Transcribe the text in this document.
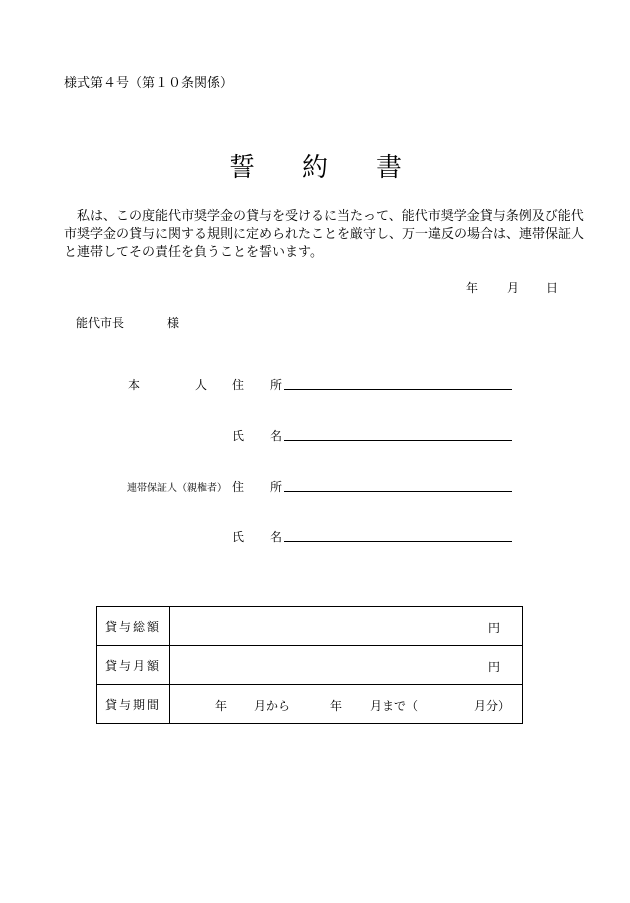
様式第４号（第１０条関係）
誓 約 書

私は、この度能代市奨学金の貸与を受けるに当たって、能代市奨学金貸与条例及び能代

市奨学金の貸与に関する規則に定められたことを厳守し、万一違反の場合は、連帯保証人

と連帯してその責任を負うことを誓います。

年 月 日
能代市長	様
本	人 住 所
氏 名
連帯保証人（親権者） 住 所
氏 名
貸与総額	円

貸与月額	円

貸与期間	年 月から 年 月まで（ 月分）
